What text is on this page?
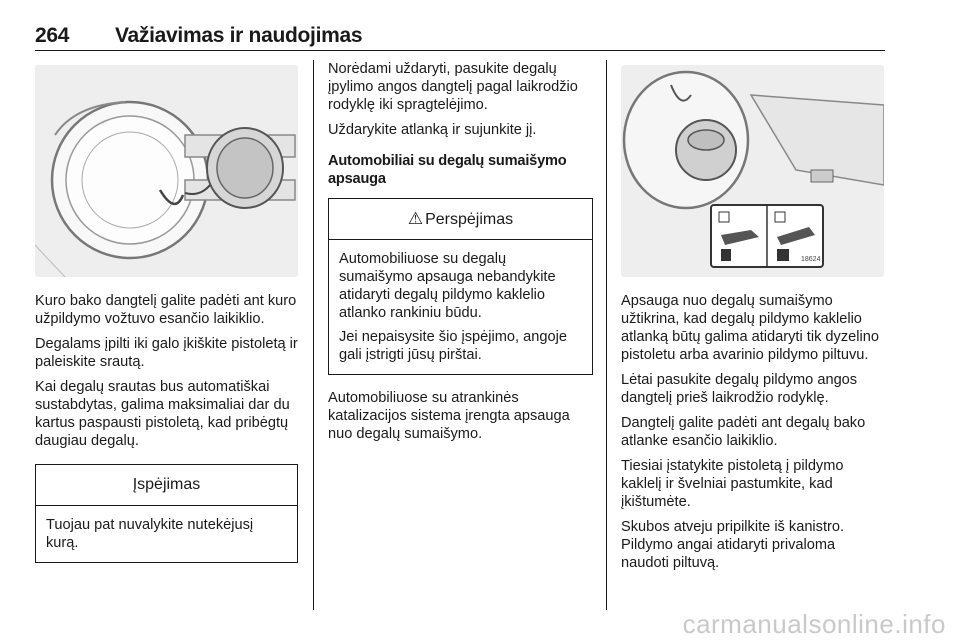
264 Važiavimas ir naudojimas

Kuro bako dangtelį galite padėti ant kuro užpildymo vožtuvo esančio laikiklio.

Degalams įpilti iki galo įkiškite pistoletą ir paleiskite srautą.

Kai degalų srautas bus automatiškai sustabdytas, galima maksimaliai dar du kartus paspausti pistoletą, kad pribėgtų daugiau degalų.

Įspėjimas

Tuojau pat nuvalykite nutekėjusį kurą.

Norėdami uždaryti, pasukite degalų įpylimo angos dangtelį pagal laikrodžio rodyklę iki spragtelėjimo.

Uždarykite atlanką ir sujunkite jį.

Automobiliai su degalų sumaišymo apsauga
⚠ Perspėjimas

Automobiliuose su degalų sumaišymo apsauga nebandykite atidaryti degalų pildymo kaklelio atlanko rankiniu būdu.

Jei nepaisysite šio įspėjimo, angoje gali įstrigti jūsų pirštai.

Automobiliuose su atrankinės katalizacijos sistema įrengta apsauga nuo degalų sumaišymo.

18624

Apsauga nuo degalų sumaišymo užtikrina, kad degalų pildymo kaklelio atlanką būtų galima atidaryti tik dyzelino pistoletu arba avarinio pildymo piltuvu.

Lėtai pasukite degalų pildymo angos dangtelį prieš laikrodžio rodyklę.

Dangtelį galite padėti ant degalų bako atlanke esančio laikiklio.

Tiesiai įstatykite pistoletą į pildymo kaklelį ir švelniai pastumkite, kad įkištumėte.

Skubos atveju pripilkite iš kanistro. Pildymo angai atidaryti privaloma naudoti piltuvą.

carmanualsonline.info
